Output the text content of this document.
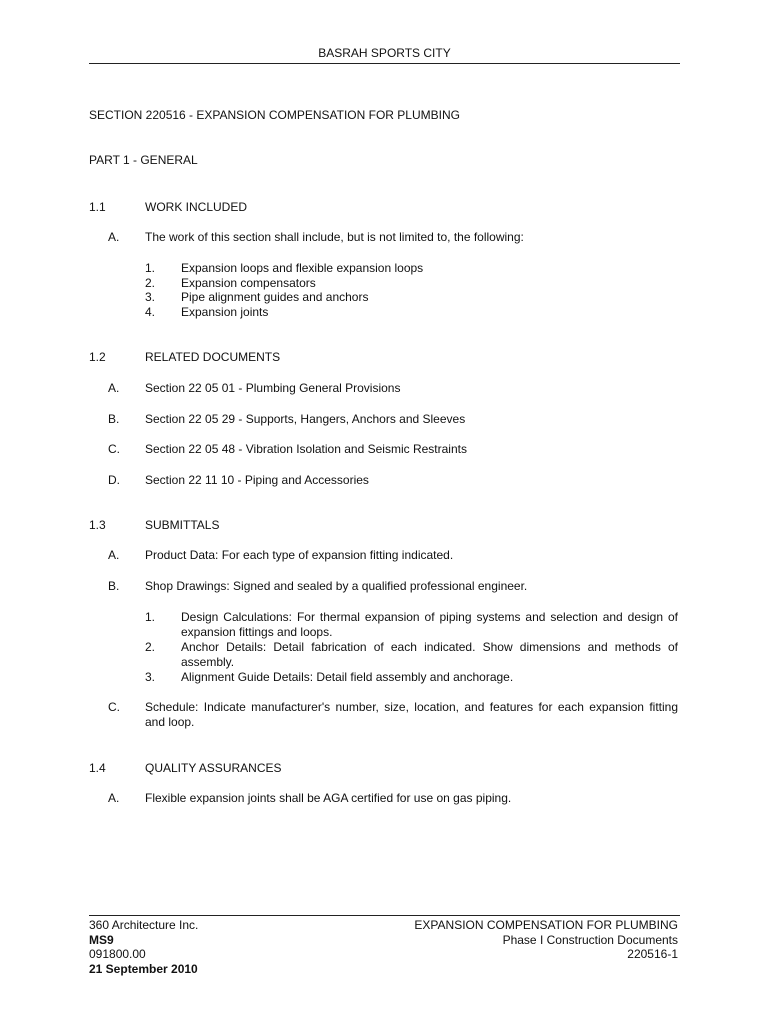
BASRAH SPORTS CITY
SECTION 220516 - EXPANSION COMPENSATION FOR PLUMBING
PART 1 - GENERAL
1.1	WORK INCLUDED
A. The work of this section shall include, but is not limited to, the following:
1. Expansion loops and flexible expansion loops
2. Expansion compensators
3. Pipe alignment guides and anchors
4. Expansion joints
1.2	RELATED DOCUMENTS
A. Section 22 05 01 - Plumbing General Provisions
B. Section 22 05 29 - Supports, Hangers, Anchors and Sleeves
C. Section 22 05 48 - Vibration Isolation and Seismic Restraints
D. Section 22 11 10 - Piping and Accessories
1.3	SUBMITTALS
A. Product Data: For each type of expansion fitting indicated.
B. Shop Drawings: Signed and sealed by a qualified professional engineer.
1. Design Calculations: For thermal expansion of piping systems and selection and design of expansion fittings and loops.
2. Anchor Details: Detail fabrication of each indicated. Show dimensions and methods of assembly.
3. Alignment Guide Details: Detail field assembly and anchorage.
C. Schedule: Indicate manufacturer's number, size, location, and features for each expansion fitting and loop.
1.4	QUALITY ASSURANCES
A. Flexible expansion joints shall be AGA certified for use on gas piping.
360 Architecture Inc.
MS9
091800.00
21 September 2010
EXPANSION COMPENSATION FOR PLUMBING
Phase I Construction Documents
220516-1
